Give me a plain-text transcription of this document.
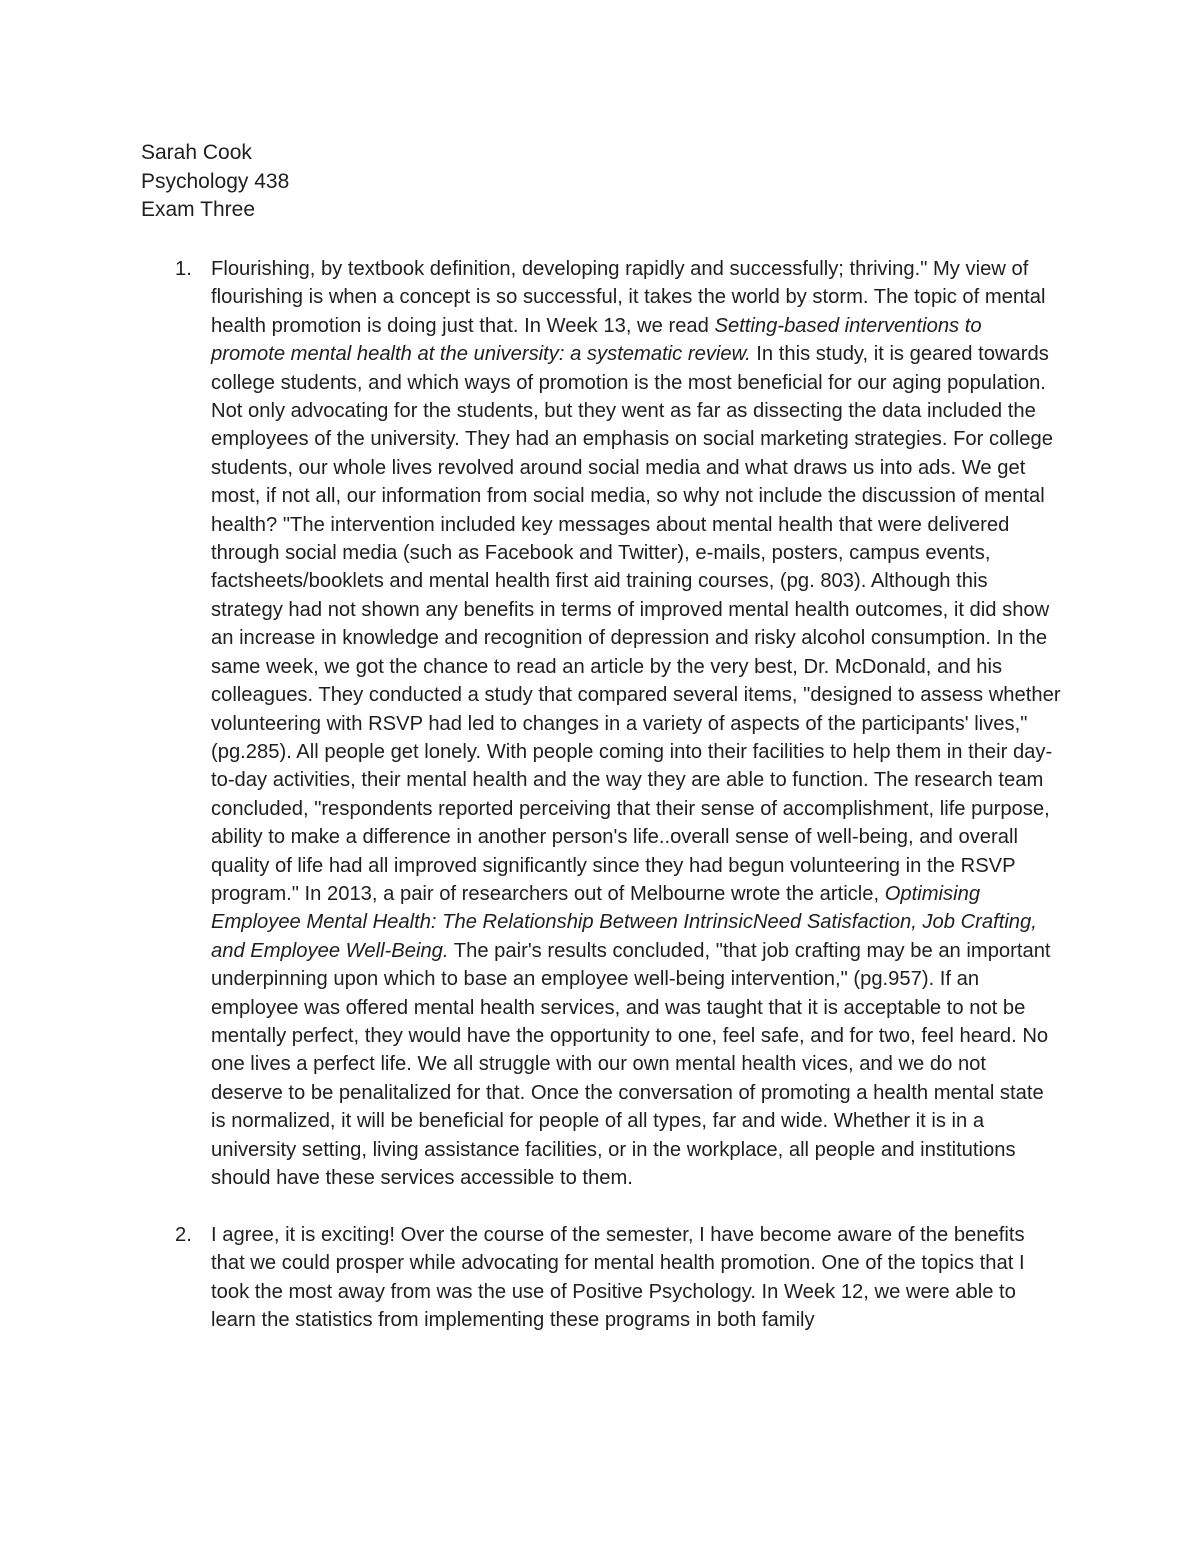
Sarah Cook
Psychology 438
Exam Three
1. Flourishing, by textbook definition, developing rapidly and successfully; thriving." My view of flourishing is when a concept is so successful, it takes the world by storm. The topic of mental health promotion is doing just that. In Week 13, we read Setting-based interventions to promote mental health at the university: a systematic review. In this study, it is geared towards college students, and which ways of promotion is the most beneficial for our aging population. Not only advocating for the students, but they went as far as dissecting the data included the employees of the university. They had an emphasis on social marketing strategies. For college students, our whole lives revolved around social media and what draws us into ads. We get most, if not all, our information from social media, so why not include the discussion of mental health? "The intervention included key messages about mental health that were delivered through social media (such as Facebook and Twitter), e-mails, posters, campus events, factsheets/booklets and mental health first aid training courses, (pg. 803). Although this strategy had not shown any benefits in terms of improved mental health outcomes, it did show an increase in knowledge and recognition of depression and risky alcohol consumption. In the same week, we got the chance to read an article by the very best, Dr. McDonald, and his colleagues. They conducted a study that compared several items, "designed to assess whether volunteering with RSVP had led to changes in a variety of aspects of the participants' lives," (pg.285). All people get lonely. With people coming into their facilities to help them in their day-to-day activities, their mental health and the way they are able to function. The research team concluded, "respondents reported perceiving that their sense of accomplishment, life purpose, ability to make a difference in another person's life..overall sense of well-being, and overall quality of life had all improved significantly since they had begun volunteering in the RSVP program." In 2013, a pair of researchers out of Melbourne wrote the article, Optimising Employee Mental Health: The Relationship Between IntrinsicNeed Satisfaction, Job Crafting, and Employee Well-Being. The pair's results concluded, "that job crafting may be an important underpinning upon which to base an employee well-being intervention," (pg.957). If an employee was offered mental health services, and was taught that it is acceptable to not be mentally perfect, they would have the opportunity to one, feel safe, and for two, feel heard. No one lives a perfect life. We all struggle with our own mental health vices, and we do not deserve to be penalitalized for that. Once the conversation of promoting a health mental state is normalized, it will be beneficial for people of all types, far and wide. Whether it is in a university setting, living assistance facilities, or in the workplace, all people and institutions should have these services accessible to them.
2. I agree, it is exciting! Over the course of the semester, I have become aware of the benefits that we could prosper while advocating for mental health promotion. One of the topics that I took the most away from was the use of Positive Psychology. In Week 12, we were able to learn the statistics from implementing these programs in both family
